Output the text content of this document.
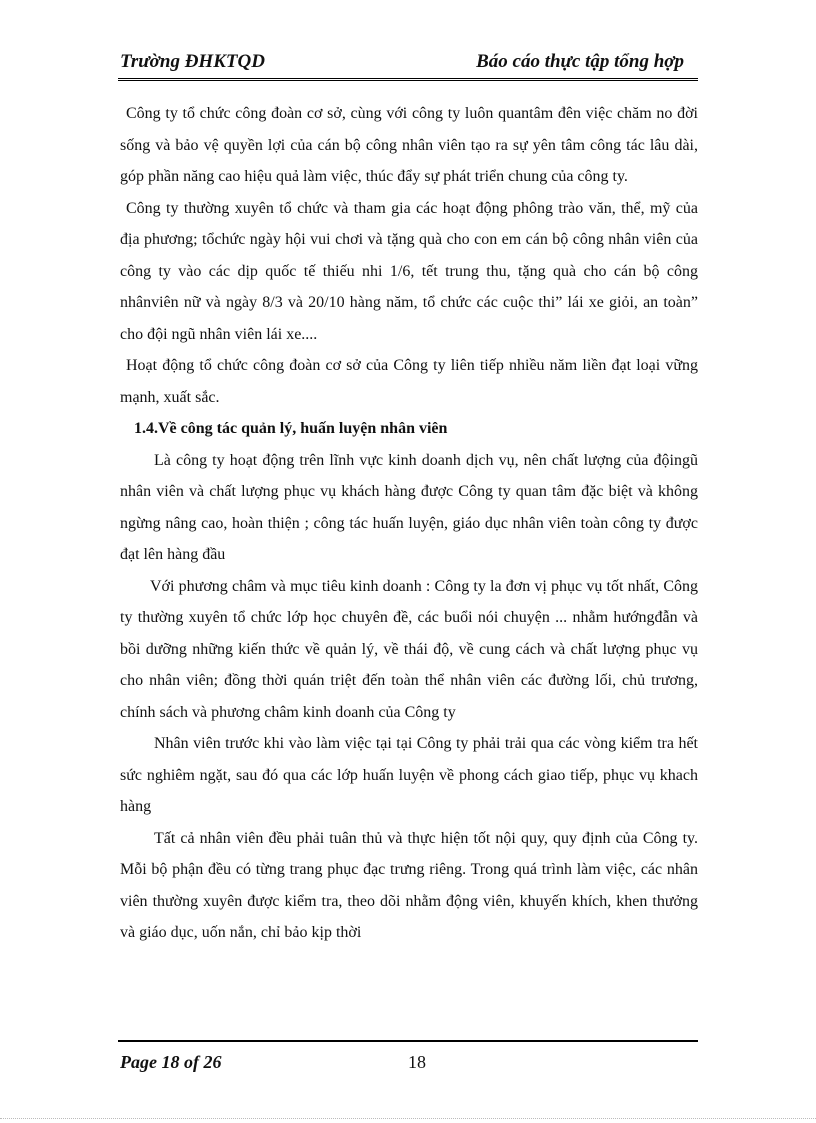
Trường ĐHKTQD	Báo cáo thực tập tổng hợp

Công ty tổ chức công đoàn cơ sở, cùng với công ty luôn quantâm đên việc chăm no đời sống và bảo vệ quyền lợi của cán bộ công nhân viên tạo ra sự yên tâm công tác lâu dài, góp phần năng cao hiệu quả làm việc, thúc đẩy sự phát triển chung của công ty.

Công ty thường xuyên tổ chức và tham gia các hoạt động phông trào văn, thể, mỹ của địa phương; tổchức ngày hội vui chơi và tặng quà cho con em cán bộ công nhân viên của công ty vào các dịp quốc tế thiếu nhi 1/6, tết trung thu, tặng quà cho cán bộ công nhânviên nữ và ngày 8/3 và 20/10 hàng năm, tổ chức các cuộc thi” lái xe giỏi, an toàn” cho đội ngũ nhân viên lái xe....

Hoạt động tổ chức công đoàn cơ sở của Công ty liên tiếp nhiều năm liền đạt loại vững mạnh, xuất sắc.

1.4.Về công tác quản lý, huấn luyện nhân viên

Là công ty hoạt động trên lĩnh vực kinh doanh dịch vụ, nên chất lượng của độingũ nhân viên và chất lượng phục vụ khách hàng được Công ty quan tâm đặc biệt và không ngừng nâng cao, hoàn thiện ; công tác huấn luyện, giáo dục nhân viên toàn công ty được đạt lên hàng đầu

Với phương châm và mục tiêu kinh doanh : Công ty la đơn vị phục vụ tốt nhất, Công ty thường xuyên tổ chức lớp học chuyên đề, các buổi nói chuyện ... nhằm hướngđẫn và bồi dưỡng những kiến thức về quản lý, về thái độ, về cung cách và chất lượng phục vụ cho nhân viên; đồng thời quán triệt đến toàn thể nhân viên các đường lối, chủ trương, chính sách và phương châm kinh doanh của Công ty

Nhân viên trước khi vào làm việc tại tại Công ty phải trải qua các vòng kiểm tra hết sức nghiêm ngặt, sau đó qua các lớp huấn luyện về phong cách giao tiếp, phục vụ khach hàng

Tất cả nhân viên đều phải tuân thủ và thực hiện tốt nội quy, quy định của Công ty. Mỗi bộ phận đều có từng trang phục đạc trưng riêng. Trong quá trình làm việc, các nhân viên thường xuyên được kiểm tra, theo dõi nhằm động viên, khuyến khích, khen thưởng và giáo dục, uốn nắn, chỉ bảo kịp thời

Page 18 of 26	18
